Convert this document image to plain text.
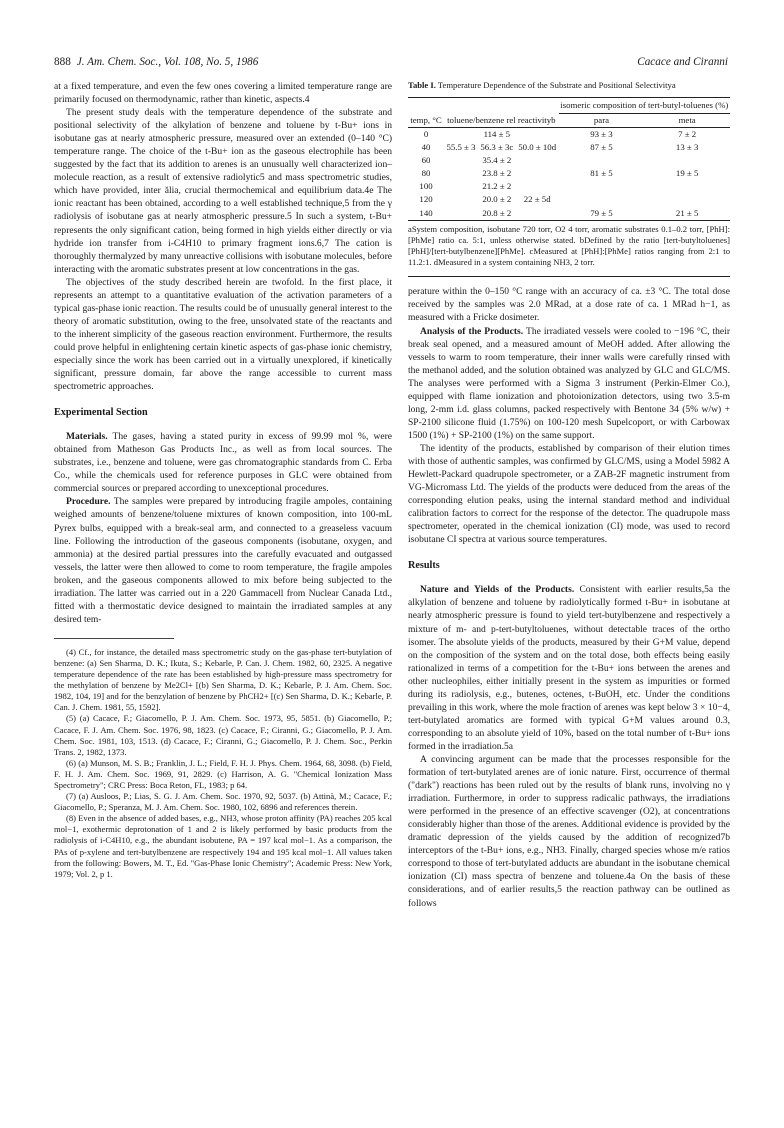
888 J. Am. Chem. Soc., Vol. 108, No. 5, 1986	Cacace and Ciranni

at a fixed temperature, and even the few ones covering a limited temperature range are primarily focused on thermodynamic, rather than kinetic, aspects.4

The present study deals with the temperature dependence of the substrate and positional selectivity of the alkylation of benzene and toluene by t-Bu+ ions in isobutane gas at nearly atmospheric pressure, measured over an extended (0–140 °C) temperature range. The choice of the t-Bu+ ion as the gaseous electrophile has been suggested by the fact that its addition to arenes is an unusually well characterized ion–molecule reaction, as a result of extensive radiolytic5 and mass spectrometric studies, which have provided, inter ălia, crucial thermochemical and equilibrium data.4e The ionic reactant has been obtained, according to a well established technique,5 from the γ radiolysis of isobutane gas at nearly atmospheric pressure.5 In such a system, t-Bu+ represents the only significant cation, being formed in high yields either directly or via hydride ion transfer from i-C4H10 to primary fragment ions.6,7 The cation is thoroughly thermalyzed by many unreactive collisions with isobutane molecules, before interacting with the aromatic substrates present at low concentrations in the gas.

The objectives of the study described herein are twofold. In the first place, it represents an attempt to a quantitative evaluation of the activation parameters of a typical gas-phase ionic reaction. The results could be of unusually general interest to the theory of aromatic substitution, owing to the free, unsolvated state of the reactants and to the inherent simplicity of the gaseous reaction environment. Furthermore, the results could prove helpful in enlightening certain kinetic aspects of gas-phase ionic chemistry, especially since the work has been carried out in a virtually unexplored, if kinetically significant, pressure domain, far above the range accessible to current mass spectrometric approaches.

Experimental Section

Materials. The gases, having a stated purity in excess of 99.99 mol %, were obtained from Matheson Gas Products Inc., as well as from local sources. The substrates, i.e., benzene and toluene, were gas chromatographic standards from C. Erba Co., while the chemicals used for reference purposes in GLC were obtained from commercial sources or prepared according to unexceptional procedures.

Procedure. The samples were prepared by introducing fragile ampoles, containing weighed amounts of benzene/toluene mixtures of known composition, into 100-mL Pyrex bulbs, equipped with a break-seal arm, and connected to a greaseless vacuum line. Following the introduction of the gaseous components (isobutane, oxygen, and ammonia) at the desired partial pressures into the carefully evacuated and outgassed vessels, the latter were then allowed to come to room temperature, the fragile ampoles broken, and the gaseous components allowed to mix before being subjected to the irradiation. The latter was carried out in a 220 Gammacell from Nuclear Canada Ltd., fitted with a thermostatic device designed to maintain the irradiated samples at any desired tem-

(4) Cf., for instance, the detailed mass spectrometric study on the gas-phase tert-butylation of benzene: (a) Sen Sharma, D. K.; Ikuta, S.; Kebarle, P. Can. J. Chem. 1982, 60, 2325. A negative temperature dependence of the rate has been established by high-pressure mass spectrometry for the methylation of benzene by Me2Cl+ [(b) Sen Sharma, D. K.; Kebarle, P. J. Am. Chem. Soc. 1982, 104, 19] and for the benzylation of benzene by PhCH2+ [(c) Sen Sharma, D. K.; Kebarle, P. Can. J. Chem. 1981, 55, 1592].

(5) (a) Cacace, F.; Giacomello, P. J. Am. Chem. Soc. 1973, 95, 5851. (b) Giacomello, P.; Cacace, F. J. Am. Chem. Soc. 1976, 98, 1823. (c) Cacace, F.; Ciranni, G.; Giacomello, P. J. Am. Chem. Soc. 1981, 103, 1513. (d) Cacace, F.; Ciranni, G.; Giacomello, P. J. Chem. Soc., Perkin Trans. 2, 1982, 1373.

(6) (a) Munson, M. S. B.; Franklin, J. L.; Field, F. H. J. Phys. Chem. 1964, 68, 3098. (b) Field, F. H. J. Am. Chem. Soc. 1969, 91, 2829. (c) Harrison, A. G. "Chemical Ionization Mass Spectrometry"; CRC Press: Boca Reton, FL, 1983; p 64.

(7) (a) Ausloos, P.; Lias, S. G. J. Am. Chem. Soc. 1970, 92, 5037. (b) Attinà, M.; Cacace, F.; Giacomello, P.; Speranza, M. J. Am. Chem. Soc. 1980, 102, 6896 and references therein.

(8) Even in the absence of added bases, e.g., NH3, whose proton affinity (PA) reaches 205 kcal mol−1, exothermic deprotonation of 1 and 2 is likely performed by basic products from the radiolysis of i-C4H10, e.g., the abundant isobutene, PA = 197 kcal mol−1. As a comparison, the PAs of p-xylene and tert-butylbenzene are respectively 194 and 195 kcal mol−1. All values taken from the following: Bowers, M. T., Ed. "Gas-Phase Ionic Chemistry"; Academic Press: New York, 1979; Vol. 2, p 1.

Table I. Temperature Dependence of the Substrate and Positional Selectivitya
temp, °C	toluene/benzene rel reactivityb			isomeric composition of tert-butyl-toluenes (%)	
				para	meta
0		114 ± 5		93 ± 3	7 ± 2
40	55.5 ± 3	56.3 ± 3c	50.0 ± 10d	87 ± 5	13 ± 3
60		35.4 ± 2			
80		23.8 ± 2		81 ± 5	19 ± 5
100		21.2 ± 2			
120		20.0 ± 2	22 ± 5d		
140		20.8 ± 2		79 ± 5	21 ± 5
aSystem composition, isobutane 720 torr, O2 4 torr, aromatic substrates 0.1–0.2 torr, [PhH]:[PhMe] ratio ca. 5:1, unless otherwise stated. bDefined by the ratio [tert-butyltoluenes][PhH]/[tert-butylbenzene][PhMe]. cMeasured at [PhH]:[PhMe] ratios ranging from 2:1 to 11.2:1. dMeasured in a system containing NH3, 2 torr.

perature within the 0–150 °C range with an accuracy of ca. ±3 °C. The total dose received by the samples was 2.0 MRad, at a dose rate of ca. 1 MRad h−1, as measured with a Fricke dosimeter.

Analysis of the Products. The irradiated vessels were cooled to −196 °C, their break seal opened, and a measured amount of MeOH added. After allowing the vessels to warm to room temperature, their inner walls were carefully rinsed with the methanol added, and the solution obtained was analyzed by GLC and GLC/MS. The analyses were performed with a Sigma 3 instrument (Perkin-Elmer Co.), equipped with flame ionization and photoionization detectors, using two 3.5-m long, 2-mm i.d. glass columns, packed respectively with Bentone 34 (5% w/w) + SP-2100 silicone fluid (1.75%) on 100-120 mesh Supelcoport, or with Carbowax 1500 (1%) + SP-2100 (1%) on the same support.

The identity of the products, established by comparison of their elution times with those of authentic samples, was confirmed by GLC/MS, using a Model 5982 A Hewlett-Packard quadrupole spectrometer, or a ZAB-2F magnetic instrument from VG-Micromass Ltd. The yields of the products were deduced from the areas of the corresponding elution peaks, using the internal standard method and individual calibration factors to correct for the response of the detector. The quadrupole mass spectrometer, operated in the chemical ionization (CI) mode, was used to record isobutane CI spectra at various source temperatures.

Results

Nature and Yields of the Products. Consistent with earlier results,5a the alkylation of benzene and toluene by radiolytically formed t-Bu+ in isobutane at nearly atmospheric pressure is found to yield tert-butylbenzene and respectively a mixture of m- and p-tert-butyltoluenes, without detectable traces of the ortho isomer. The absolute yields of the products, measured by their G+M value, depend on the composition of the system and on the total dose, both effects being easily rationalized in terms of a competition for the t-Bu+ ions between the arenes and other nucleophiles, either initially present in the system as impurities or formed during its radiolysis, e.g., butenes, octenes, t-BuOH, etc. Under the conditions prevailing in this work, where the mole fraction of arenes was kept below 3 × 10−4, tert-butylated aromatics are formed with typical G+M values around 0.3, corresponding to an absolute yield of 10%, based on the total number of t-Bu+ ions formed in the irradiation.5a

A convincing argument can be made that the processes responsible for the formation of tert-butylated arenes are of ionic nature. First, occurrence of thermal ("dark") reactions has been ruled out by the results of blank runs, involving no γ irradiation. Furthermore, in order to suppress radicalic pathways, the irradiations were performed in the presence of an effective scavenger (O2), at concentrations considerably higher than those of the arenes. Additional evidence is provided by the dramatic depression of the yields caused by the addition of recognized7b interceptors of the t-Bu+ ions, e.g., NH3. Finally, charged species whose m/e ratios correspond to those of tert-butylated adducts are abundant in the isobutane chemical ionization (CI) mass spectra of benzene and toluene.4a On the basis of these considerations, and of earlier results,5 the reaction pathway can be outlined as follows
